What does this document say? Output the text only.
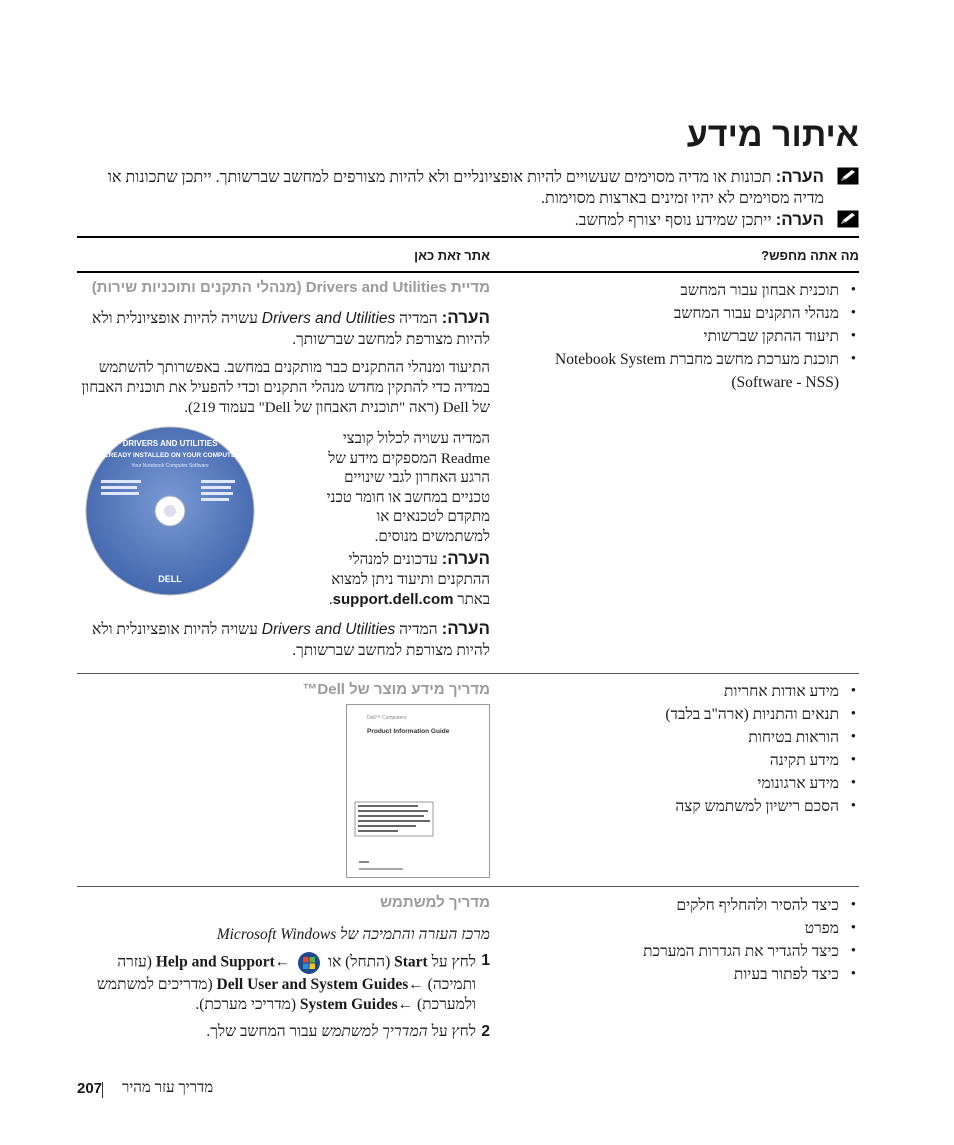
איתור מידע
הערה: תכונות או מדיה מסוימים שעשויים להיות אופציונליים ולא להיות מצורפים למחשב שברשותך. ייתכן שתכונות או מדיה מסוימים לא יהיו זמינים בארצות מסוימות.
הערה: ייתכן שמידע נוסף יצורף למחשב.
מה אתה מחפש?
אתר זאת כאן
• תוכנית אבחון עבור המחשב
• מנהלי התקנים עבור המחשב
• תיעוד ההתקן שברשותי
• תוכנת מערכת מחשב מחברת Notebook System (Software - NSS)

מדיית Drivers and Utilities (מנהלי התקנים ותוכניות שירות)

הערה: המדיה Drivers and Utilities עשויה להיות אופציונלית ולא להיות מצורפת למחשב שברשותך.
התיעוד ומנהלי ההתקנים כבר מותקנים במחשב. באפשרותך להשתמש במדיה כדי להתקין מחדש מנהלי התקנים וכדי להפעיל את תוכנית האבחון של Dell (ראה "תוכנית האבחון של Dell" בעמוד 219).
המדיה עשויה לכלול קובצי Readme המספקים מידע של הרגע האחרון לגבי שינויים טכניים במחשב או חומר טכני מתקדם לטכנאים או למשתמשים מנוסים.
הערה: עדכונים למנהלי ההתקנים ותיעוד ניתן למצוא באתר support.dell.com.
DRIVERS AND UTILITIES
ALREADY INSTALLED ON YOUR COMPUTER
Your Notebook Computer Software
DELL
הערה: המדיה Drivers and Utilities עשויה להיות אופציונלית ולא להיות מצורפת למחשב שברשותך.
• מידע אודות אחריות
• תנאים והתניות (ארה"ב בלבד)
• הוראות בטיחות
• מידע תקינה
• מידע ארגונומי
• הסכם רישיון למשתמש קצה

מדריך מידע מוצר של Dell™

Dell™ Computers
Product Information Guide
• כיצד להסיר ולהחליף חלקים
• מפרט
• כיצד להגדיר את הגדרות המערכת
• כיצד לפתור בעיות

מדריך למשתמש

מרכז העזרה והתמיכה של Microsoft Windows
1
לחץ על Start (התחל) או  ←Help and Support (עזרה ותמיכה) ←Dell User and System Guides (מדריכים למשתמש ולמערכת) ←System Guides (מדריכי מערכת).
2
לחץ על המדריך למשתמש עבור המחשב שלך.
מדריך עזר מהיר
207
